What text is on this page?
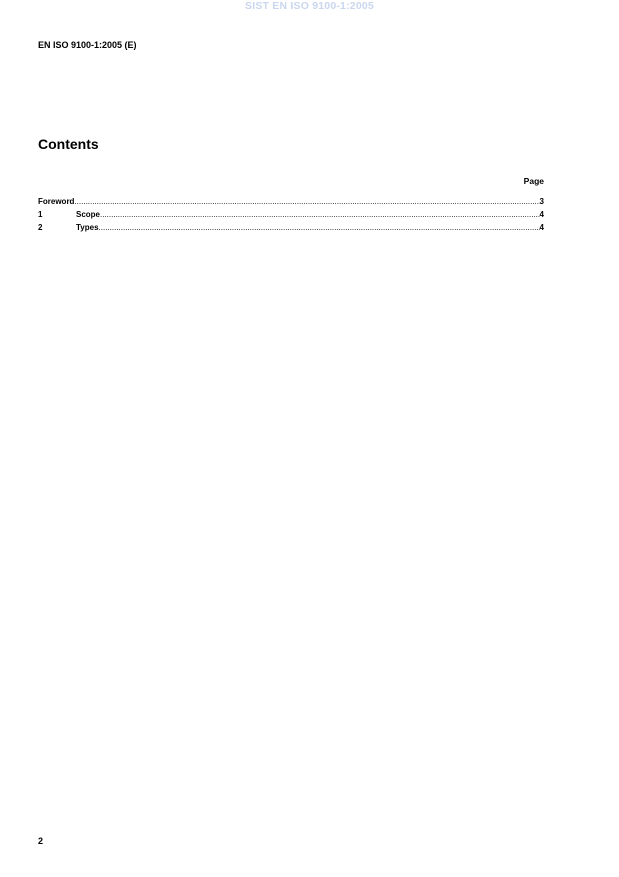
SIST EN ISO 9100-1:2005
EN ISO 9100-1:2005 (E)
Contents
Page
Foreword .....	3
1	Scope .....	4
2	Types .....	4
2
